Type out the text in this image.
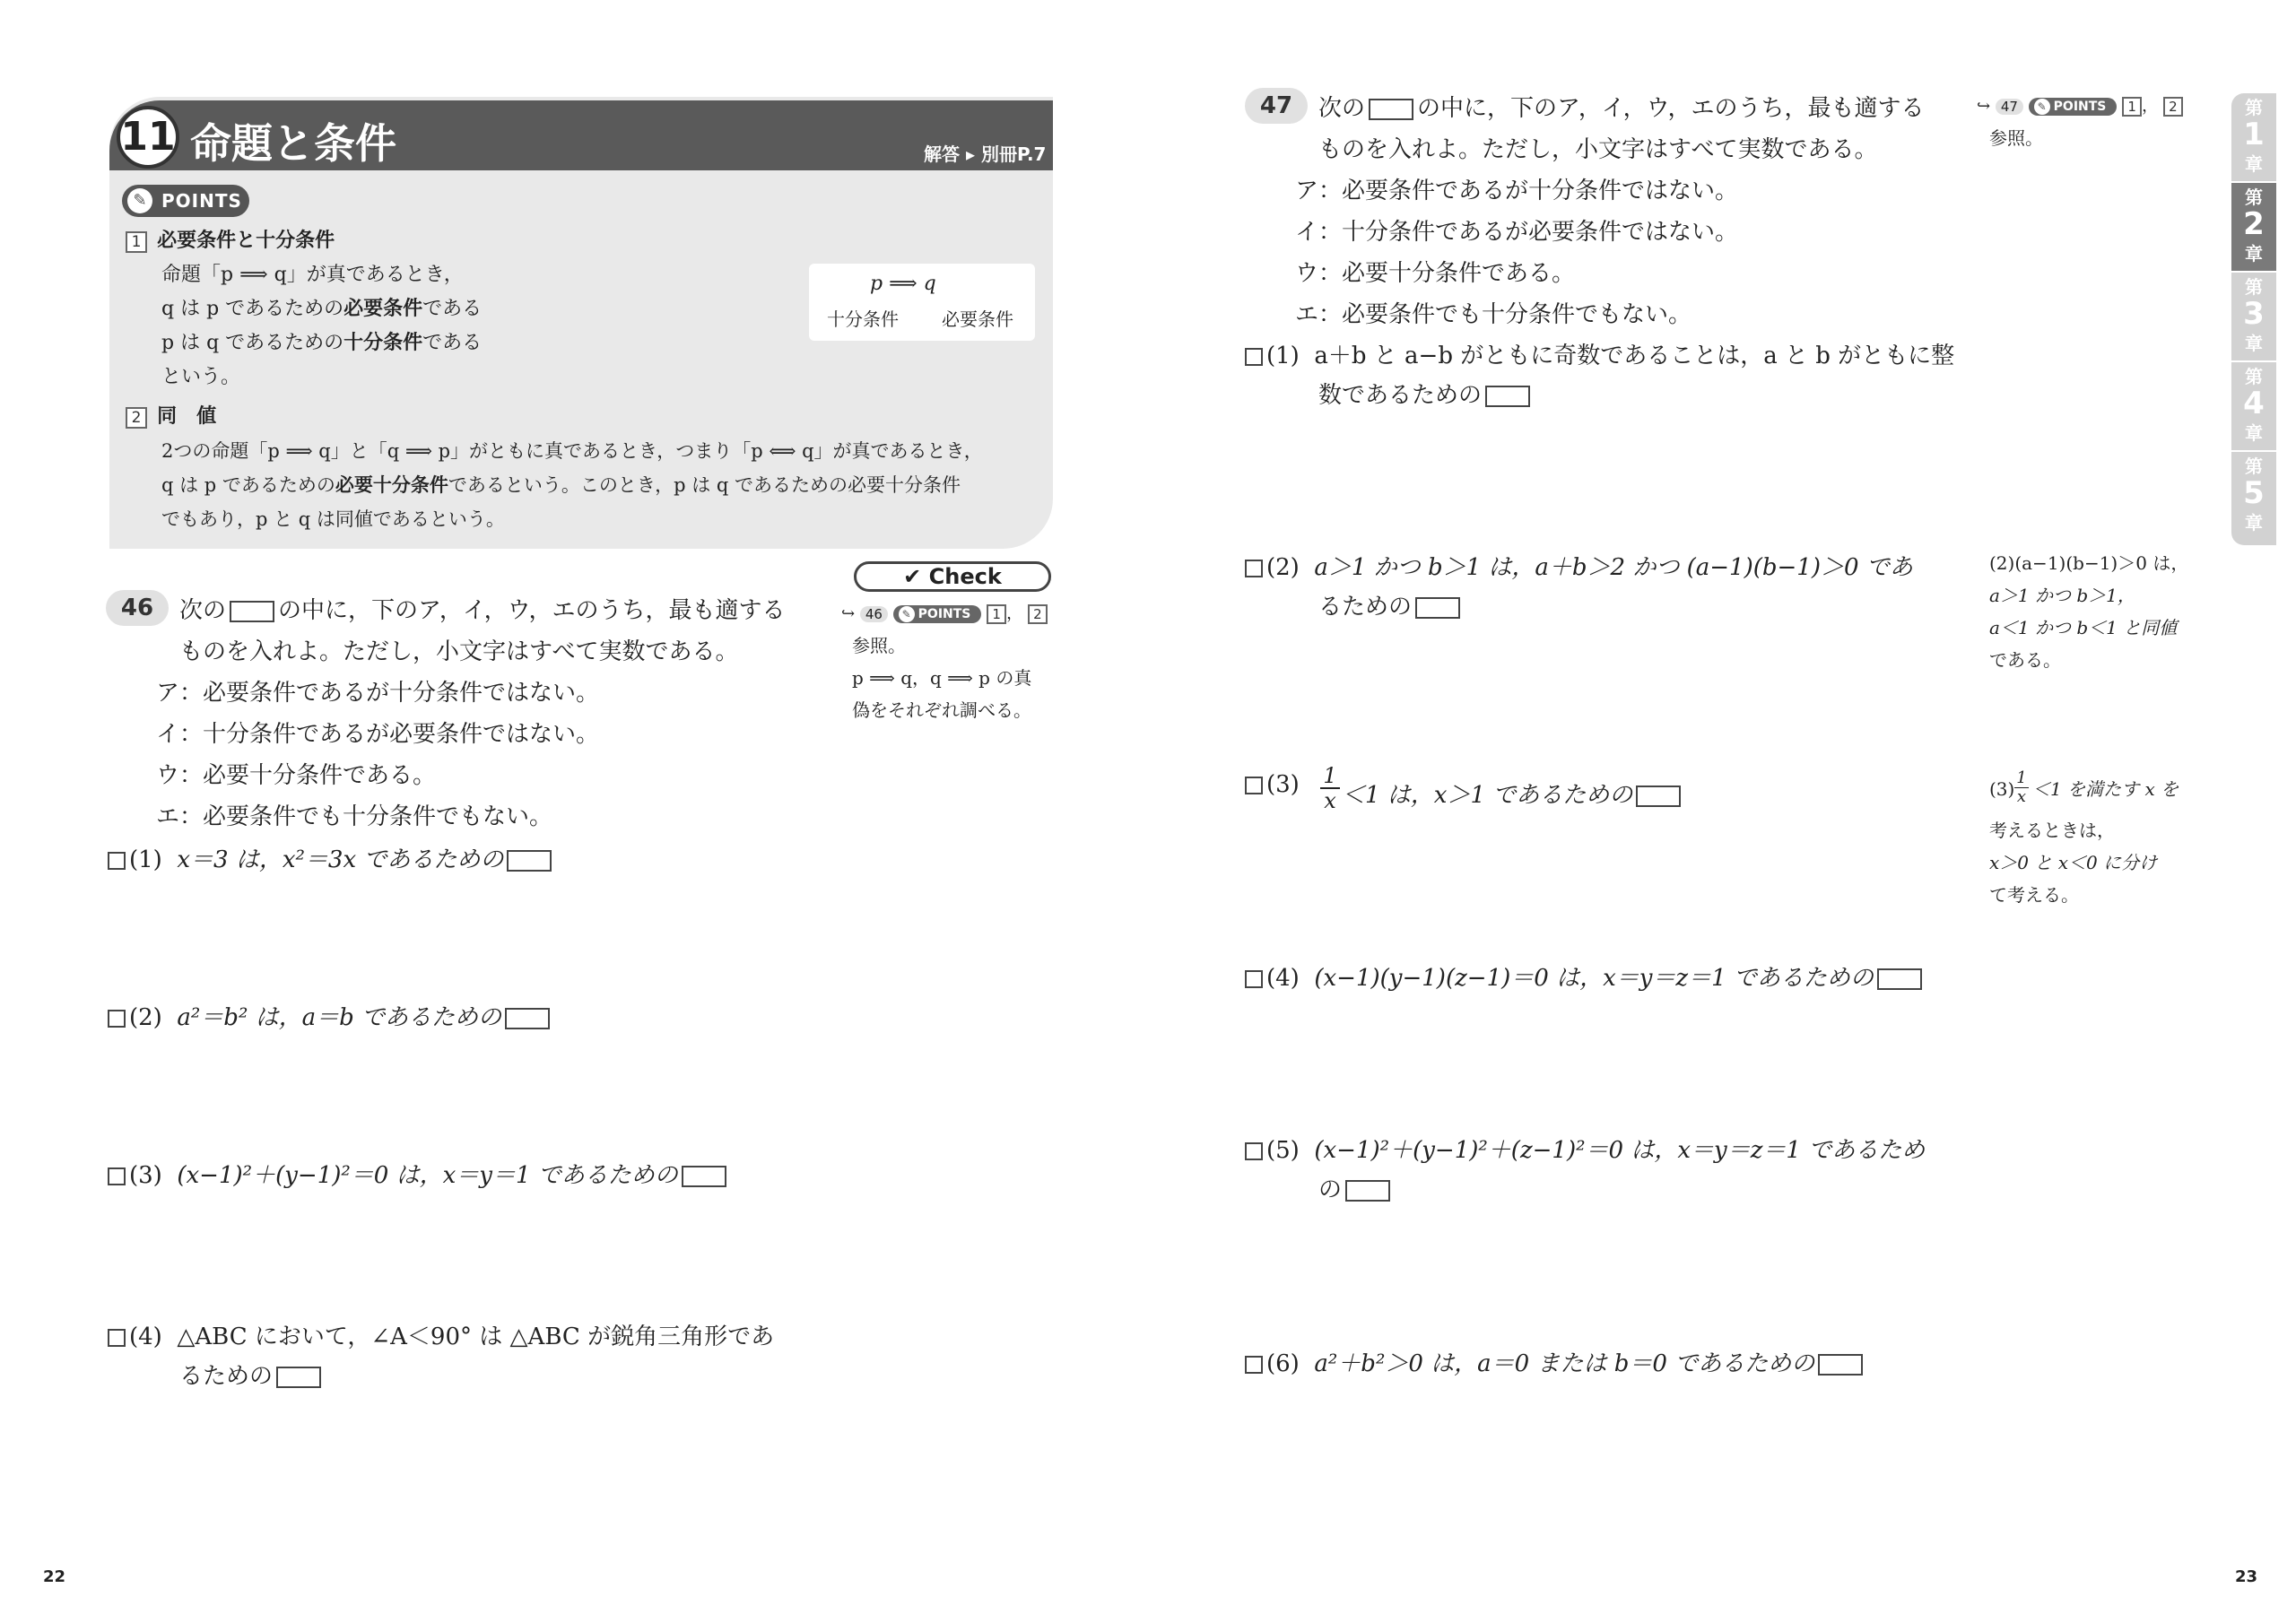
11 命題と条件	解答 ▸ 別冊P.7
POINTS
✎
1 必要条件と十分条件
命題「p ⟹ q」が真であるとき，
q は p であるための必要条件である
p は q であるための十分条件である
という。
p ⟹ q
十分条件 必要条件
2 同　値
2つの命題「p ⟹ q」と「q ⟹ p」がともに真であるとき，つまり「p ⟺ q」が真であるとき，
q は p であるための必要十分条件であるという。このとき，p は q であるための必要十分条件
でもあり，p と q は同値であるという。
✔ Check
↪ 46 ✎ POINTS 1 ， 2
参照。
p ⟹ q，q ⟹ p の真
偽をそれぞれ調べる。
46	次の の中に，下のア，イ，ウ，エのうち，最も適する
ものを入れよ。ただし，小文字はすべて実数である。
ア：必要条件であるが十分条件ではない。
イ：十分条件であるが必要条件ではない。
ウ：必要十分条件である。
エ：必要条件でも十分条件でもない。
(1) x＝3 は，x²＝3x であるための
(2) a²＝b² は，a＝b であるための
(3) (x−1)²＋(y−1)²＝0 は，x＝y＝1 であるための
(4) △ABC において，∠A＜90° は △ABC が鋭角三角形であ
るための
47	次の の中に，下のア，イ，ウ，エのうち，最も適する
ものを入れよ。ただし，小文字はすべて実数である。
ア：必要条件であるが十分条件ではない。
イ：十分条件であるが必要条件ではない。
ウ：必要十分条件である。
エ：必要条件でも十分条件でもない。
↪ 47 ✎ POINTS 1 ， 2
参照。
(1) a＋b と a−b がともに奇数であることは，a と b がともに整
数であるための
(2) a＞1 かつ b＞1 は，a＋b＞2 かつ (a−1)(b−1)＞0 であ
るための
$(3) \frac{1}{x} <1$ は，x＞1 であるための
(4) (x−1)(y−1)(z−1)＝0 は，x＝y＝z＝1 であるための
(5) (x−1)²＋(y−1)²＋(z−1)²＝0 は，x＝y＝z＝1 であるため
の
(6) a²＋b²＞0 は，a＝0 または b＝0 であるための
(2)(a−1)(b−1)＞0 は，
a＞1 かつ b＞1，
a＜1 かつ b＜1 と同値
である。
$(3) \frac{1}{x} <1$ を満たす x を
考えるときは，
x＞0 と x＜0 に分け
て考える。
第
1
章
第
2
章
第
3
章
第
4
章
第
5
章
22	23
